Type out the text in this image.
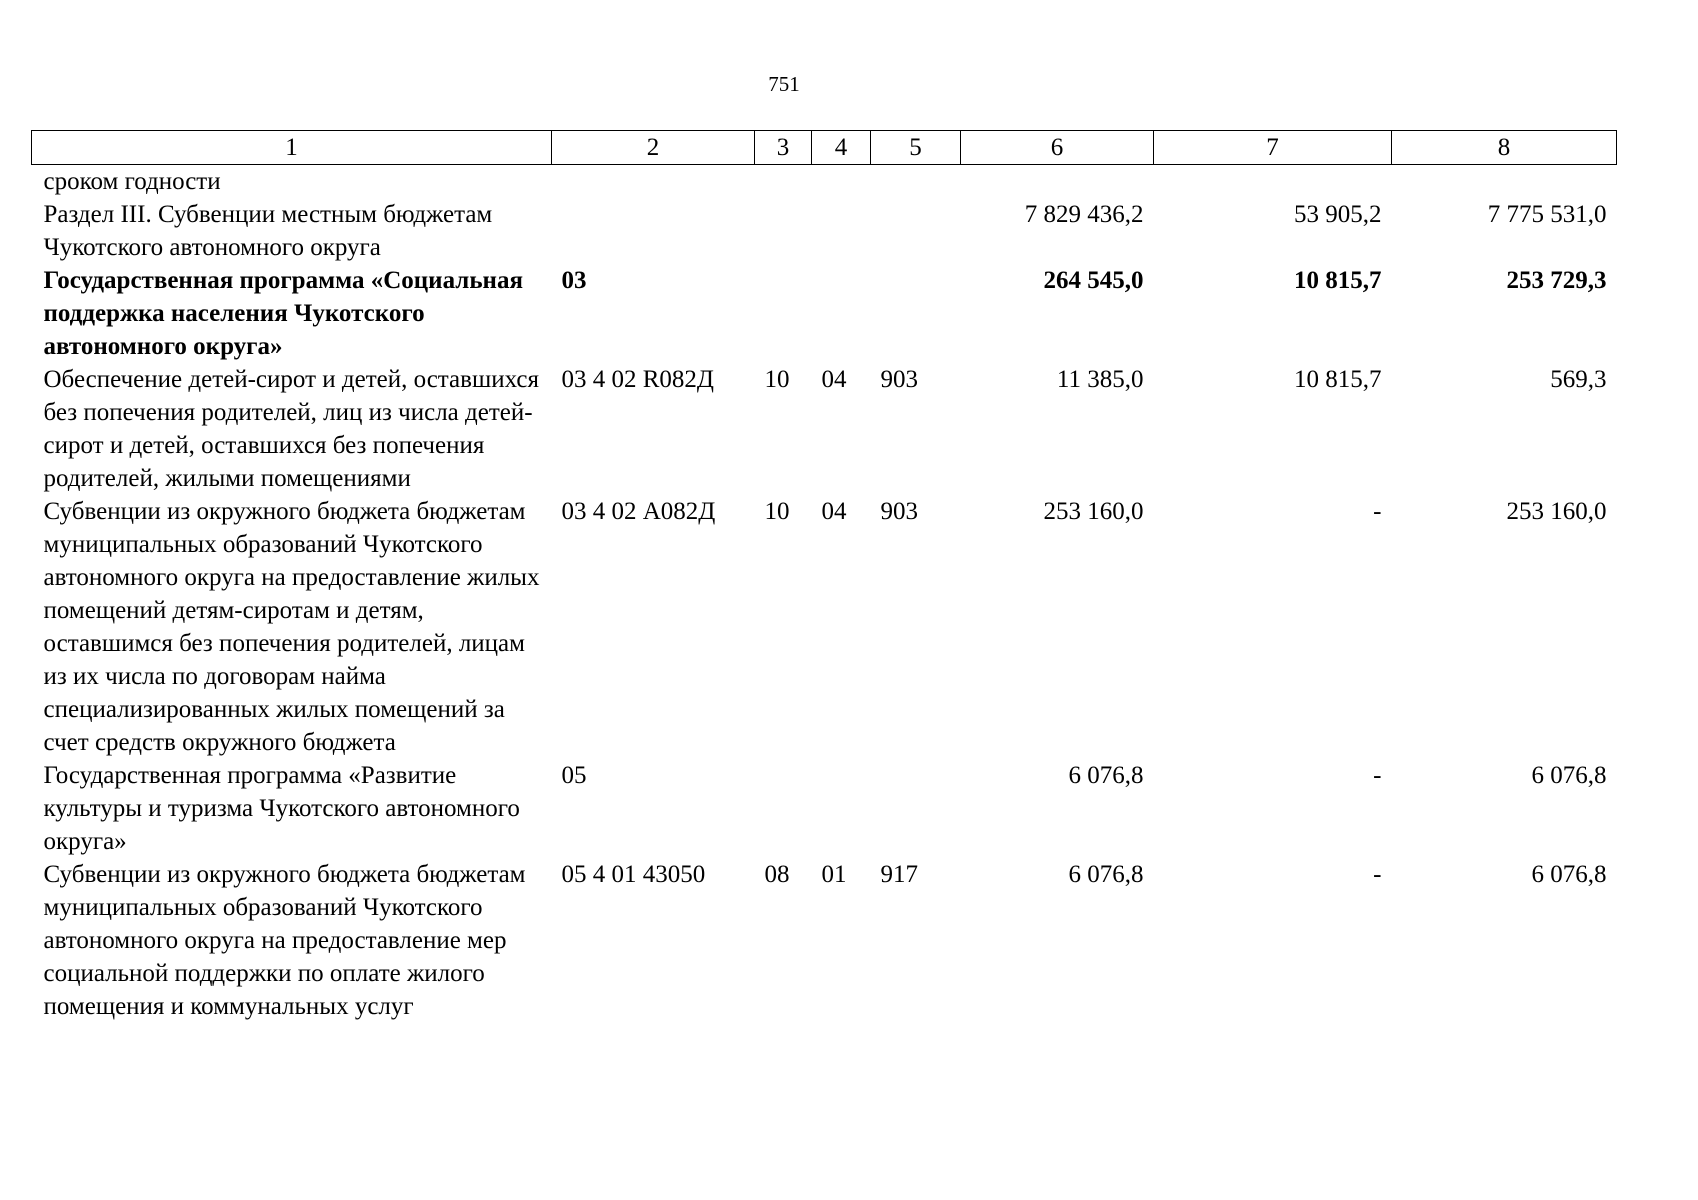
751
1	2	3	4	5	6	7	8
сроком годности							
Раздел III. Субвенции местным бюджетам Чукотского автономного округа					7 829 436,2	53 905,2	7 775 531,0
Государственная программа «Социальная поддержка населения Чукотского автономного округа»	03				264 545,0	10 815,7	253 729,3
Обеспечение детей-сирот и детей, оставшихся без попечения родителей, лиц из числа детей-сирот и детей, оставшихся без попечения родителей, жилыми помещениями	03 4 02 R082Д	10	04	903	11 385,0	10 815,7	569,3
Субвенции из окружного бюджета бюджетам муниципальных образований Чукотского автономного округа на предоставление жилых помещений детям-сиротам и детям, оставшимся без попечения родителей, лицам из их числа по договорам найма специализированных жилых помещений за счет средств окружного бюджета	03 4 02 А082Д	10	04	903	253 160,0	-	253 160,0
Государственная программа «Развитие культуры и туризма Чукотского автономного округа»	05				6 076,8	-	6 076,8
Субвенции из окружного бюджета бюджетам муниципальных образований Чукотского автономного округа на предоставление мер социальной поддержки по оплате жилого помещения и коммунальных услуг	05 4 01 43050	08	01	917	6 076,8	-	6 076,8
